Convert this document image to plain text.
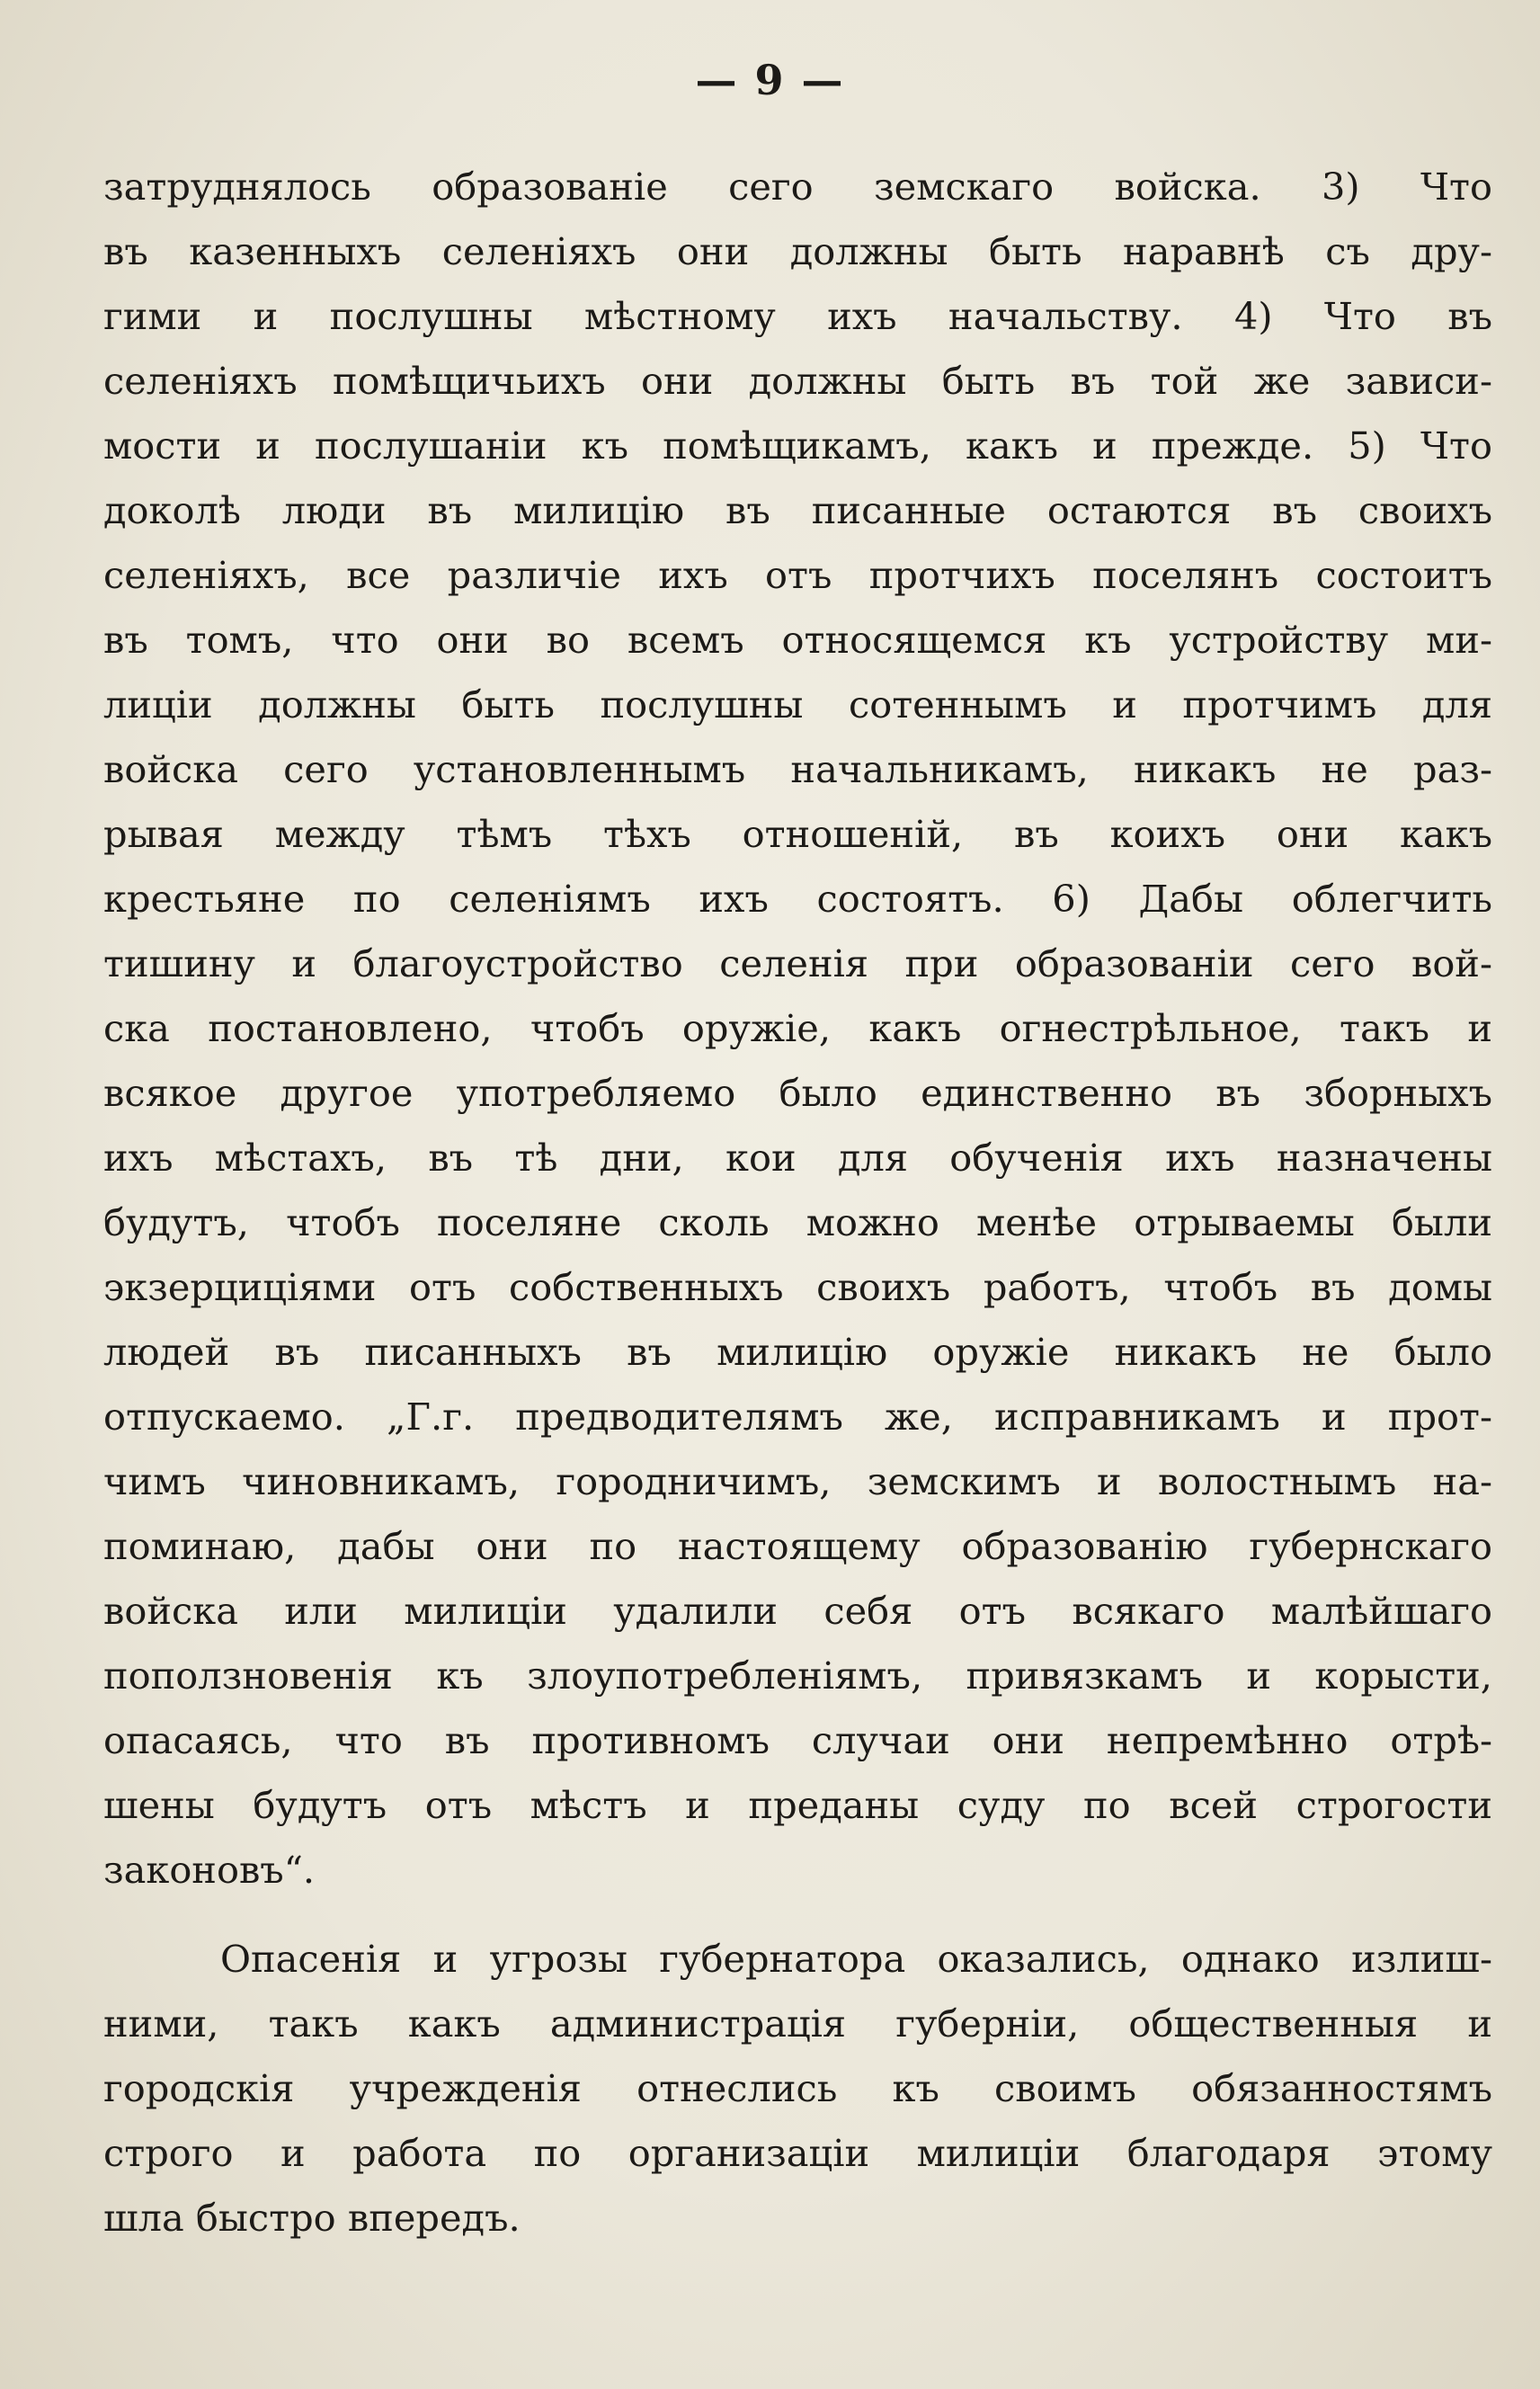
— 9 —
затруднялось образованіе сего земскаго войска. 3) Что
въ казенныхъ селеніяхъ они должны быть наравнѣ съ дру-
гими и послушны мѣстному ихъ начальству. 4) Что въ
селеніяхъ помѣщичьихъ они должны быть въ той же зависи-
мости и послушаніи къ помѣщикамъ, какъ и прежде. 5) Что
доколѣ люди въ милицію въ писанные остаются въ своихъ
селеніяхъ, все различіе ихъ отъ протчихъ поселянъ состоитъ
въ томъ, что они во всемъ относящемся къ устройству ми-
лиціи должны быть послушны сотеннымъ и протчимъ для
войска сего установленнымъ начальникамъ, никакъ не раз-
рывая между тѣмъ тѣхъ отношеній, въ коихъ они какъ
крестьяне по селеніямъ ихъ состоятъ. 6) Дабы облегчить
тишину и благоустройство селенія при образованіи сего вой-
ска постановлено, чтобъ оружіе, какъ огнестрѣльное, такъ и
всякое другое употребляемо было единственно въ зборныхъ
ихъ мѣстахъ, въ тѣ дни, кои для обученія ихъ назначены
будутъ, чтобъ поселяне сколь можно менѣе отрываемы были
экзерциціями отъ собственныхъ своихъ работъ, чтобъ въ домы
людей въ писанныхъ въ милицію оружіе никакъ не было
отпускаемо. „Г.г. предводителямъ же, исправникамъ и прот-
чимъ чиновникамъ, городничимъ, земскимъ и волостнымъ на-
поминаю, дабы они по настоящему образованію губернскаго
войска или милиціи удалили себя отъ всякаго малѣйшаго
поползновенія къ злоупотребленіямъ, привязкамъ и корысти,
опасаясь, что въ противномъ случаи они непремѣнно отрѣ-
шены будутъ отъ мѣстъ и преданы суду по всей строгости
законовъ“.
Опасенія и угрозы губернатора оказались, однако излиш-
ними, такъ какъ администрація губерніи, общественныя и
городскія учрежденія отнеслись къ своимъ обязанностямъ
строго и работа по организаціи милиціи благодаря этому
шла быстро впередъ.
